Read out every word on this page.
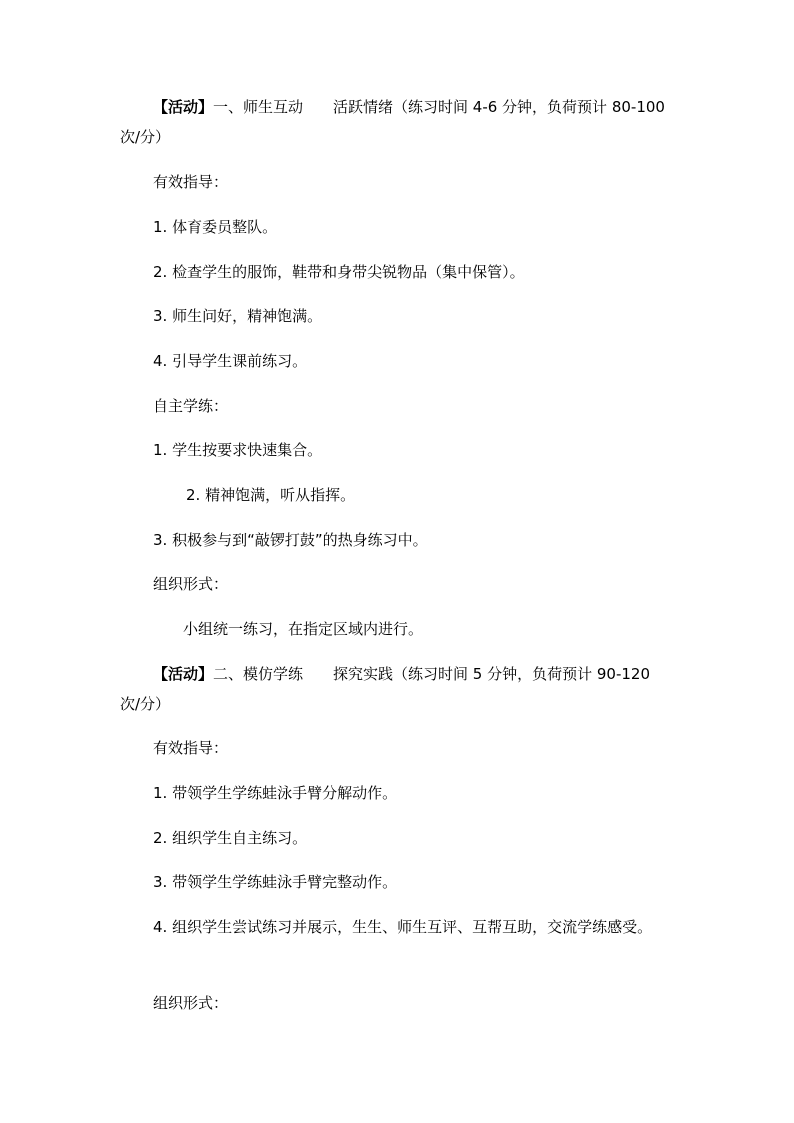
【活动】一、师生互动　　活跃情绪（练习时间 4-6 分钟，负荷预计 80-100
次/分）
有效指导：
1. 体育委员整队。
2. 检查学生的服饰，鞋带和身带尖锐物品（集中保管）。
3. 师生问好，精神饱满。
4. 引导学生课前练习。
自主学练：
1. 学生按要求快速集合。
2. 精神饱满，听从指挥。
3. 积极参与到“敲锣打鼓”的热身练习中。
组织形式：
小组统一练习，在指定区域内进行。
【活动】二、模仿学练　　探究实践（练习时间 5 分钟，负荷预计 90-120
次/分）
有效指导：
1. 带领学生学练蛙泳手臂分解动作。
2. 组织学生自主练习。
3. 带领学生学练蛙泳手臂完整动作。
4. 组织学生尝试练习并展示，生生、师生互评、互帮互助，交流学练感受。
组织形式：
